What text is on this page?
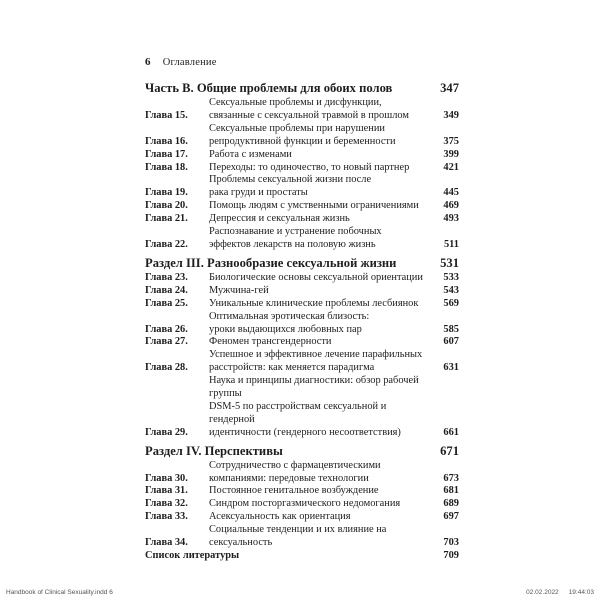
6 Оглавление
Часть В. Общие проблемы для обоих полов	347
Глава 15.
Сексуальные проблемы и дисфункции,
связанные с сексуальной травмой в прошлом	349
Глава 16.
Сексуальные проблемы при нарушении
репродуктивной функции и беременности	375
Глава 17.	Работа с изменами	399
Глава 18.	Переходы: то одиночество, то новый партнер	421
Глава 19.
Проблемы сексуальной жизни после
рака груди и простаты	445
Глава 20.	Помощь людям с умственными ограничениями	469
Глава 21.	Депрессия и сексуальная жизнь	493
Глава 22.
Распознавание и устранение побочных
эффектов лекарств на половую жизнь	511
Раздел III. Разнообразие сексуальной жизни	531
Глава 23.	Биологические основы сексуальной ориентации	533
Глава 24.	Мужчина-гей	543
Глава 25.	Уникальные клинические проблемы лесбиянок	569
Глава 26.
Оптимальная эротическая близость:
уроки выдающихся любовных пар	585
Глава 27.	Феномен трансгендерности	607
Глава 28.
Успешное и эффективное лечение парафильных
расстройств: как меняется парадигма	631
Глава 29.
Наука и принципы диагностики: обзор рабочей группы
DSM-5 по расстройствам сексуальной и гендерной
идентичности (гендерного несоответствия)	661
Раздел IV. Перспективы	671
Глава 30.
Сотрудничество с фармацевтическими
компаниями: передовые технологии	673
Глава 31.	Постоянное генитальное возбуждение	681
Глава 32.	Синдром посторгазмического недомогания	689
Глава 33.	Асексуальность как ориентация	697
Глава 34.
Социальные тенденции и их влияние на сексуальность	703
Список литературы	709
Handbook of Clinical Sexuality.indd 6	02.02.2022 19:44:03
